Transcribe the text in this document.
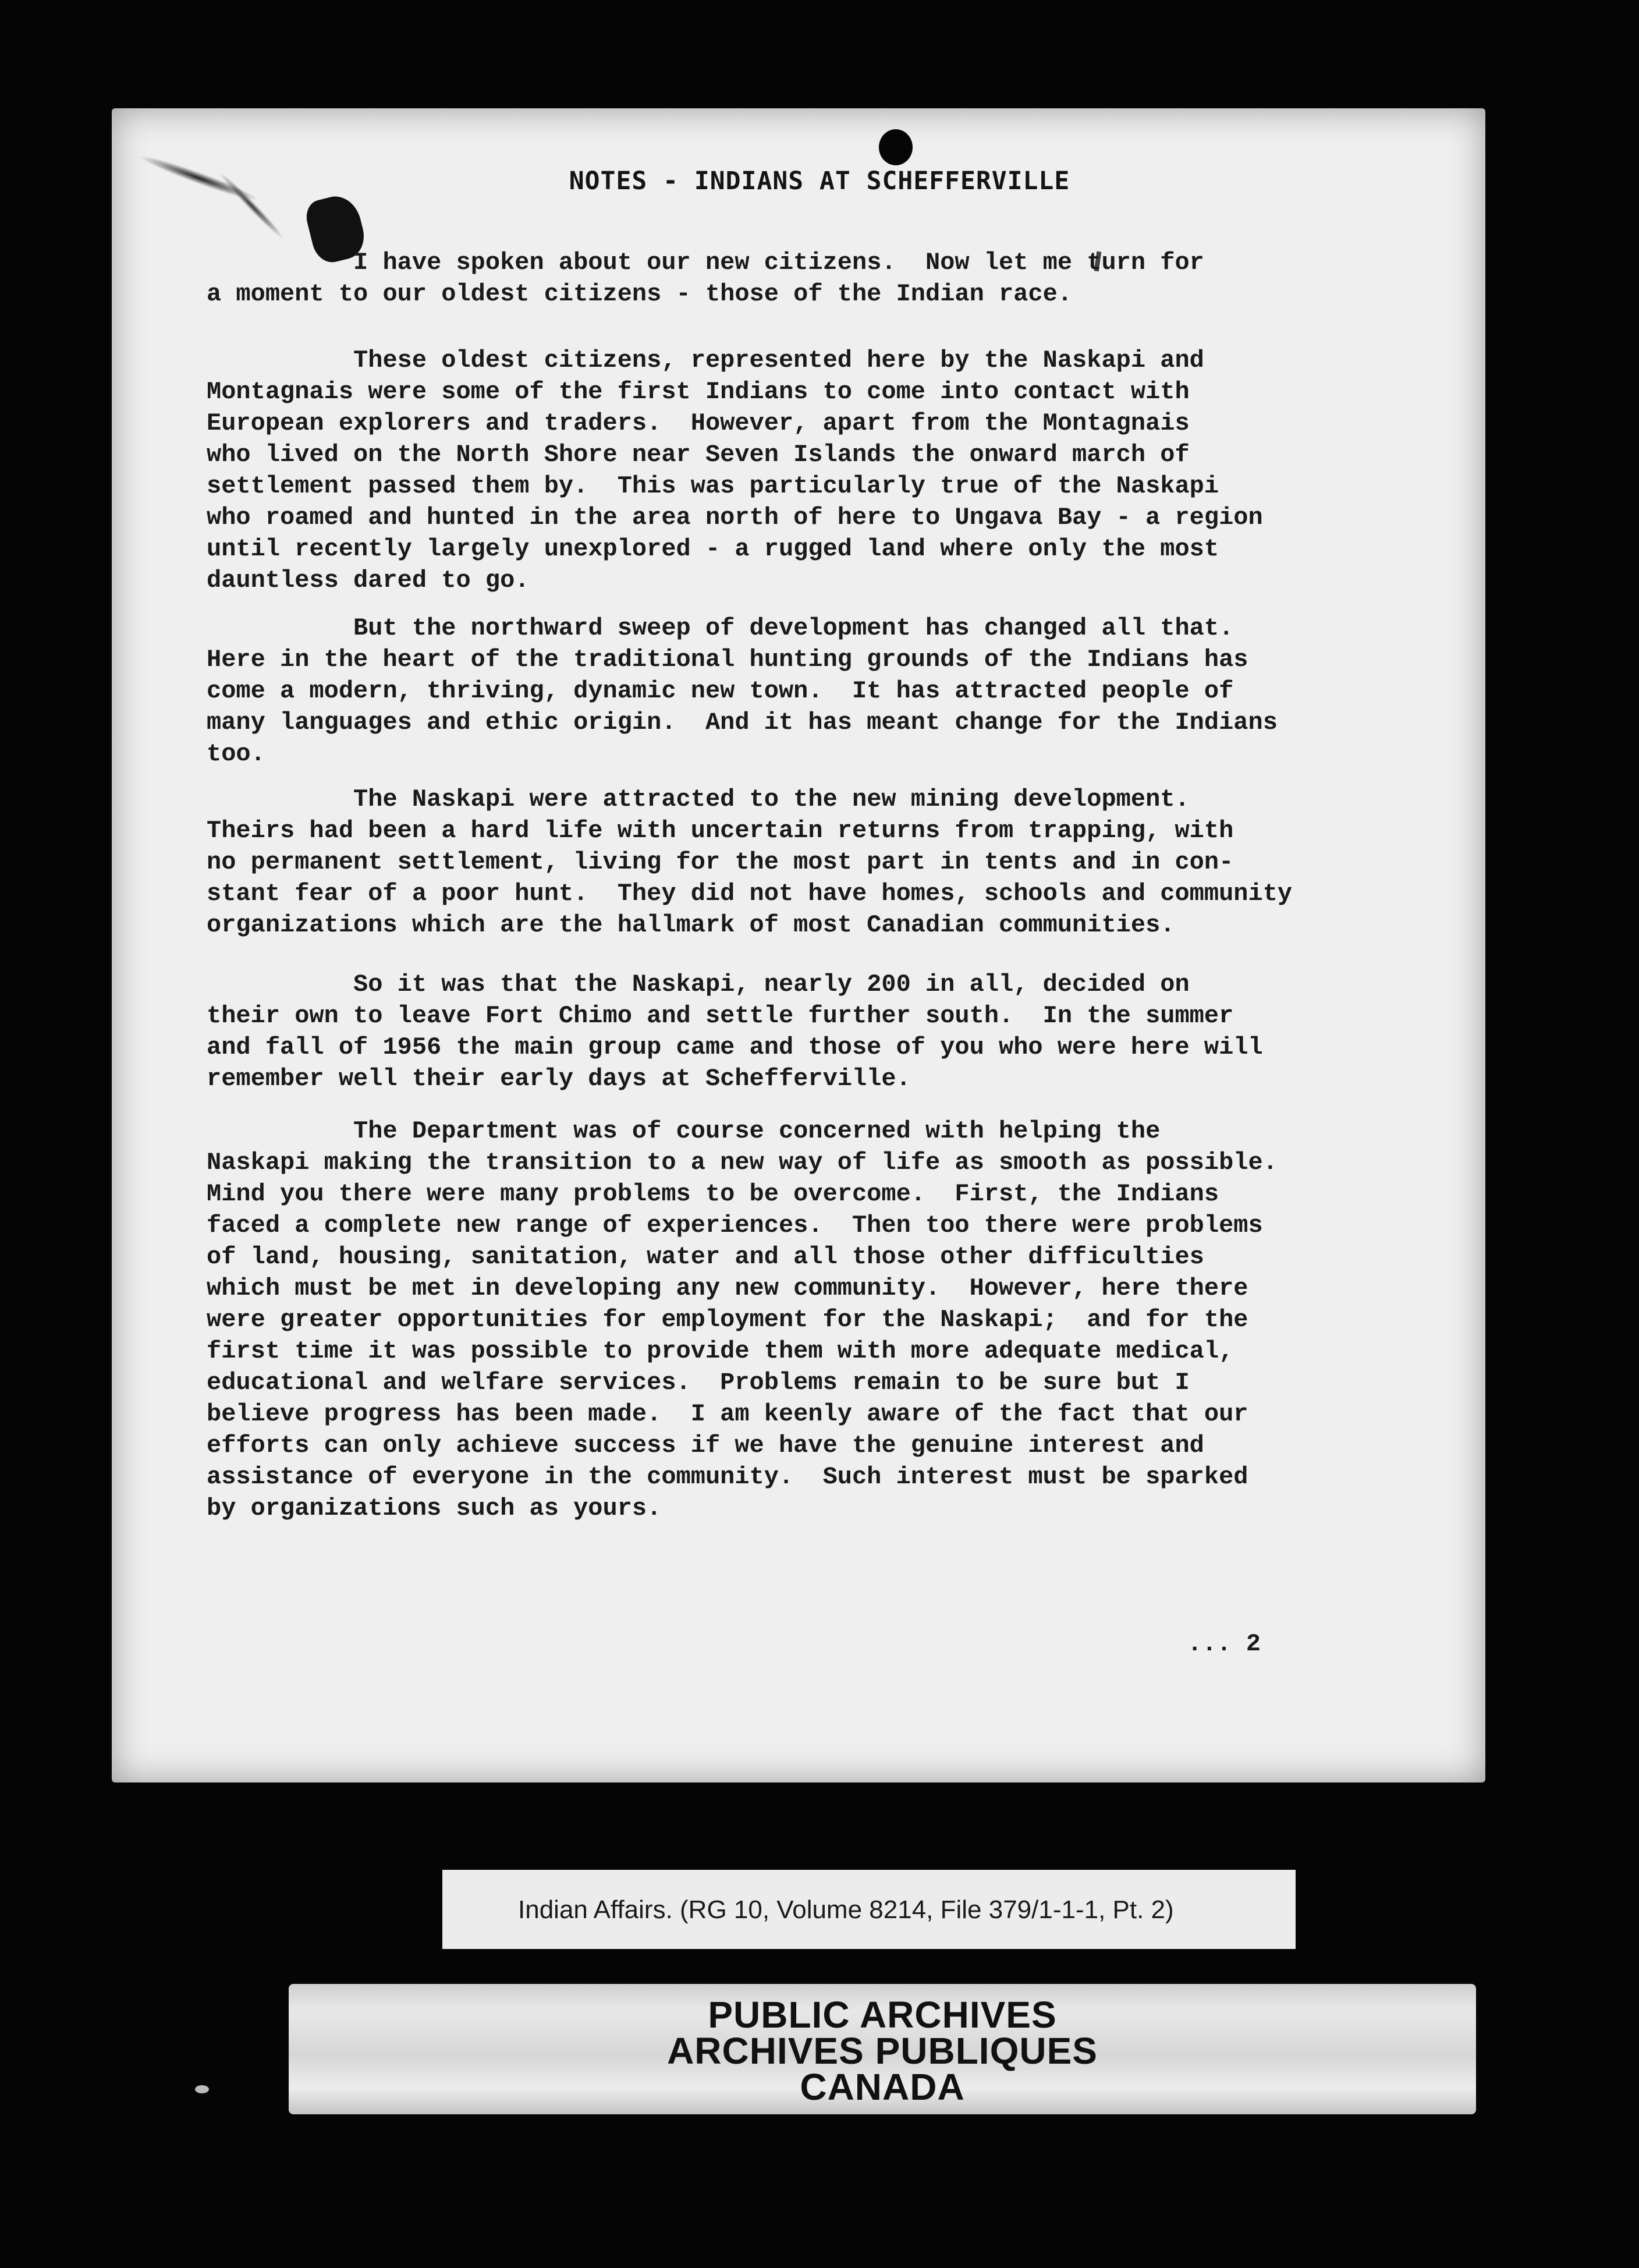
NOTES - INDIANS AT SCHEFFERVILLE

I have spoken about our new citizens.  Now let me turn for
a moment to our oldest citizens - those of the Indian race.

These oldest citizens, represented here by the Naskapi and
Montagnais were some of the first Indians to come into contact with
European explorers and traders.  However, apart from the Montagnais
who lived on the North Shore near Seven Islands the onward march of
settlement passed them by.  This was particularly true of the Naskapi
who roamed and hunted in the area north of here to Ungava Bay - a region
until recently largely unexplored - a rugged land where only the most
dauntless dared to go.

But the northward sweep of development has changed all that.
Here in the heart of the traditional hunting grounds of the Indians has
come a modern, thriving, dynamic new town.  It has attracted people of
many languages and ethic origin.  And it has meant change for the Indians
too.

The Naskapi were attracted to the new mining development.
Theirs had been a hard life with uncertain returns from trapping, with
no permanent settlement, living for the most part in tents and in con-
stant fear of a poor hunt.  They did not have homes, schools and community
organizations which are the hallmark of most Canadian communities.

So it was that the Naskapi, nearly 200 in all, decided on
their own to leave Fort Chimo and settle further south.  In the summer
and fall of 1956 the main group came and those of you who were here will
remember well their early days at Schefferville.

The Department was of course concerned with helping the
Naskapi making the transition to a new way of life as smooth as possible.
Mind you there were many problems to be overcome.  First, the Indians
faced a complete new range of experiences.  Then too there were problems
of land, housing, sanitation, water and all those other difficulties
which must be met in developing any new community.  However, here there
were greater opportunities for employment for the Naskapi;  and for the
first time it was possible to provide them with more adequate medical,
educational and welfare services.  Problems remain to be sure but I
believe progress has been made.  I am keenly aware of the fact that our
efforts can only achieve success if we have the genuine interest and
assistance of everyone in the community.  Such interest must be sparked
by organizations such as yours.

... 2
Indian Affairs. (RG 10, Volume 8214, File 379/1-1-1, Pt. 2)
PUBLIC ARCHIVES
ARCHIVES PUBLIQUES
CANADA
